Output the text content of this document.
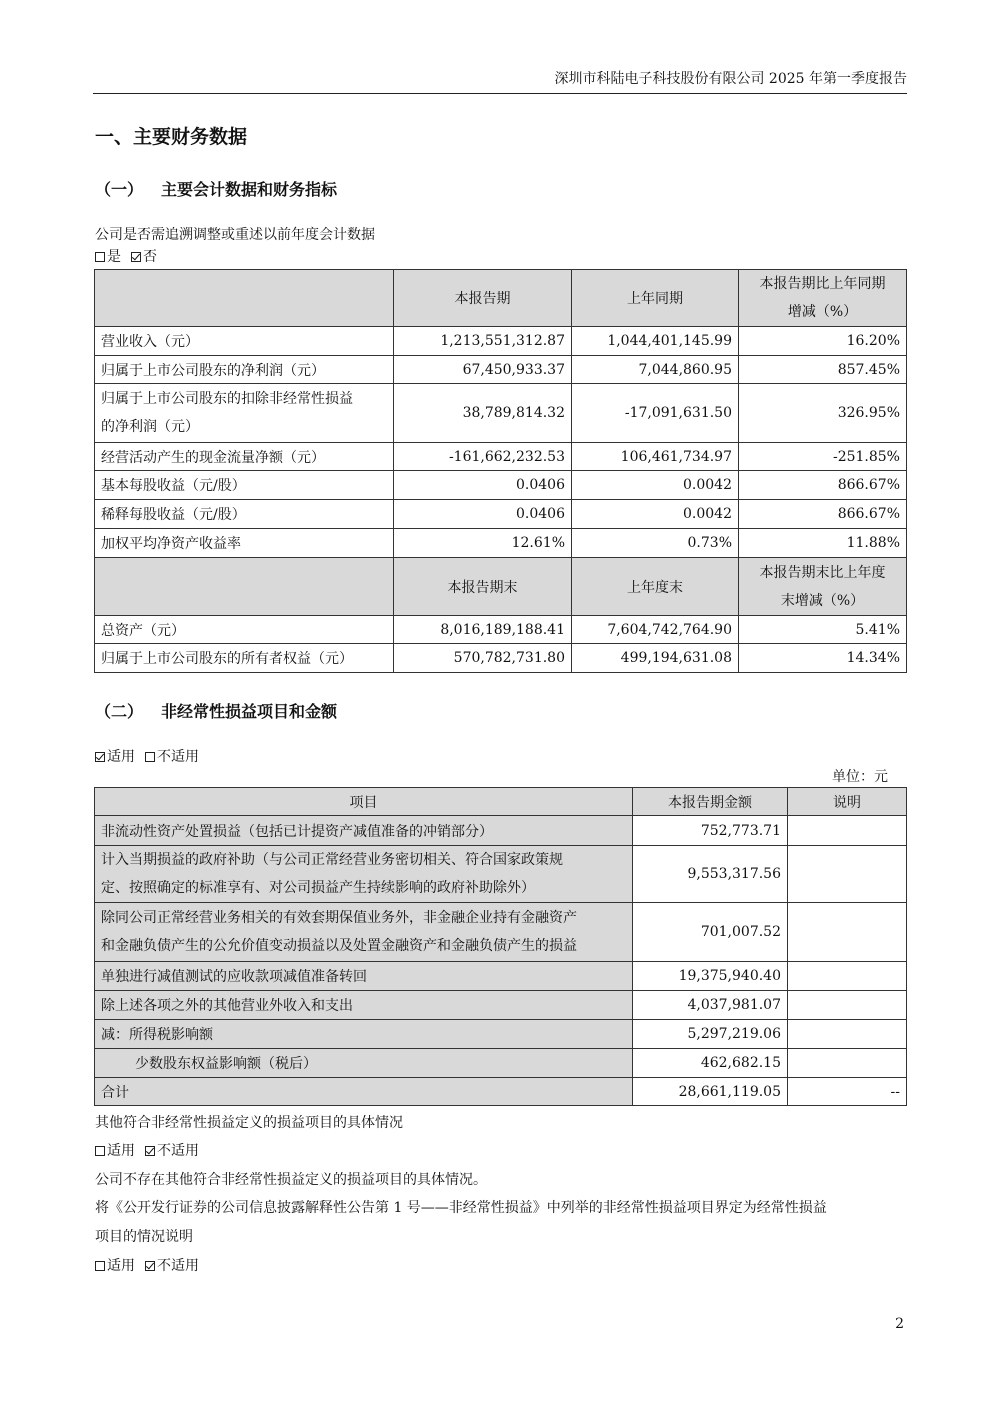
深圳市科陆电子科技股份有限公司 2025 年第一季度报告
一、主要财务数据
（一） 主要会计数据和财务指标
公司是否需追溯调整或重述以前年度会计数据
是 否
	本报告期	上年同期	本报告期比上年同期
增减（%）
营业收入（元）	1,213,551,312.87	1,044,401,145.99	16.20%
归属于上市公司股东的净利润（元）	67,450,933.37	7,044,860.95	857.45%
归属于上市公司股东的扣除非经常性损益
的净利润（元）	38,789,814.32	-17,091,631.50	326.95%
经营活动产生的现金流量净额（元）	-161,662,232.53	106,461,734.97	-251.85%
基本每股收益（元/股）	0.0406	0.0042	866.67%
稀释每股收益（元/股）	0.0406	0.0042	866.67%
加权平均净资产收益率	12.61%	0.73%	11.88%
	本报告期末	上年度末	本报告期末比上年度
末增减（%）
总资产（元）	8,016,189,188.41	7,604,742,764.90	5.41%
归属于上市公司股东的所有者权益（元）	570,782,731.80	499,194,631.08	14.34%
（二） 非经常性损益项目和金额
适用 不适用
单位：元
项目	本报告期金额	说明
非流动性资产处置损益（包括已计提资产减值准备的冲销部分）	752,773.71	
计入当期损益的政府补助（与公司正常经营业务密切相关、符合国家政策规
定、按照确定的标准享有、对公司损益产生持续影响的政府补助除外）	9,553,317.56	
除同公司正常经营业务相关的有效套期保值业务外，非金融企业持有金融资产
和金融负债产生的公允价值变动损益以及处置金融资产和金融负债产生的损益	701,007.52	
单独进行减值测试的应收款项减值准备转回	19,375,940.40	
除上述各项之外的其他营业外收入和支出	4,037,981.07	
减：所得税影响额	5,297,219.06	
少数股东权益影响额（税后）	462,682.15	
合计	28,661,119.05	--
其他符合非经常性损益定义的损益项目的具体情况
适用 不适用
公司不存在其他符合非经常性损益定义的损益项目的具体情况。
将《公开发行证券的公司信息披露解释性公告第 1 号——非经常性损益》中列举的非经常性损益项目界定为经常性损益
项目的情况说明
适用 不适用
2
